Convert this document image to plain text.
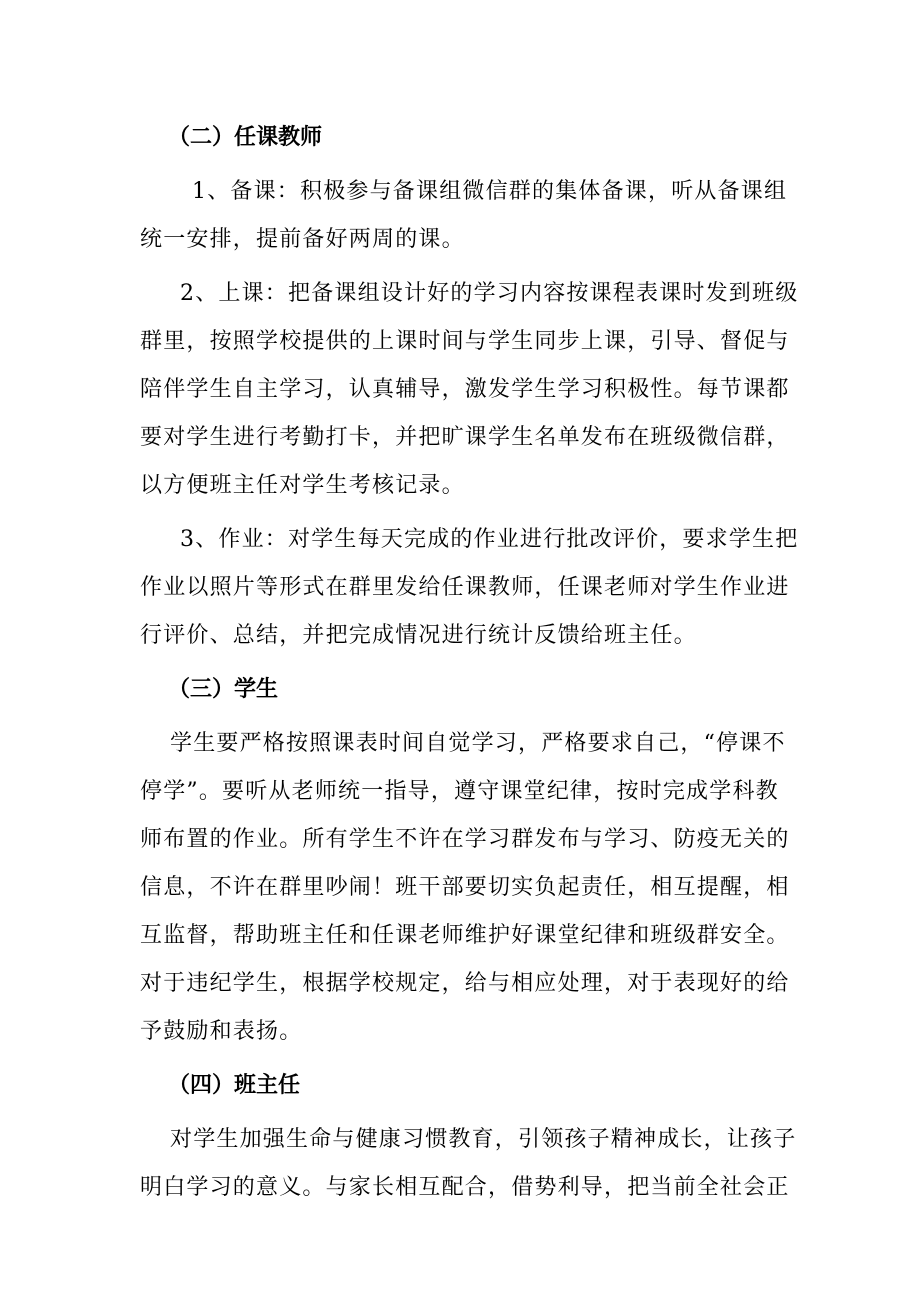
（二）任课教师
1、备课：积极参与备课组微信群的集体备课，听从备课组
统一安排，提前备好两周的课。
2、上课：把备课组设计好的学习内容按课程表课时发到班级
群里，按照学校提供的上课时间与学生同步上课，引导、督促与
陪伴学生自主学习，认真辅导，激发学生学习积极性。每节课都
要对学生进行考勤打卡，并把旷课学生名单发布在班级微信群，
以方便班主任对学生考核记录。
3、作业：对学生每天完成的作业进行批改评价，要求学生把
作业以照片等形式在群里发给任课教师，任课老师对学生作业进
行评价、总结，并把完成情况进行统计反馈给班主任。
（三）学生
学生要严格按照课表时间自觉学习，严格要求自己，“停课不
停学”。要听从老师统一指导，遵守课堂纪律，按时完成学科教
师布置的作业。所有学生不许在学习群发布与学习、防疫无关的
信息，不许在群里吵闹！班干部要切实负起责任，相互提醒，相
互监督，帮助班主任和任课老师维护好课堂纪律和班级群安全。
对于违纪学生，根据学校规定，给与相应处理，对于表现好的给
予鼓励和表扬。
（四）班主任
对学生加强生命与健康习惯教育，引领孩子精神成长，让孩子
明白学习的意义。与家长相互配合，借势利导，把当前全社会正
